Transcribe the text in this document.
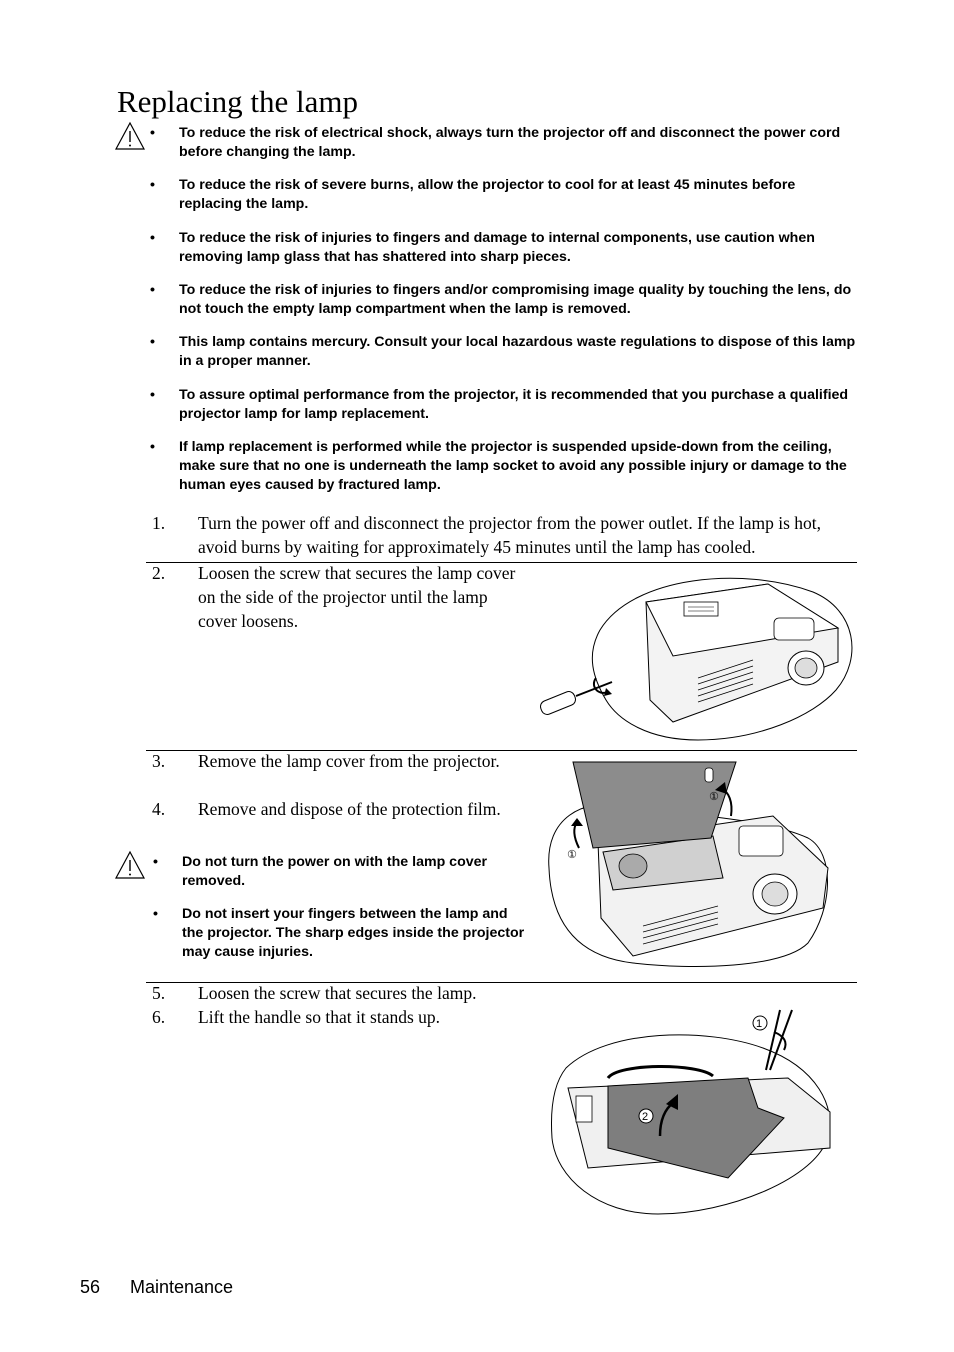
Replacing the lamp
• To reduce the risk of electrical shock, always turn the projector off and disconnect the power cord before changing the lamp.
• To reduce the risk of severe burns, allow the projector to cool for at least 45 minutes before replacing the lamp.
• To reduce the risk of injuries to fingers and damage to internal components, use caution when removing lamp glass that has shattered into sharp pieces.
• To reduce the risk of injuries to fingers and/or compromising image quality by touching the lens, do not touch the empty lamp compartment when the lamp is removed.
• This lamp contains mercury. Consult your local hazardous waste regulations to dispose of this lamp in a proper manner.
• To assure optimal performance from the projector, it is recommended that you purchase a qualified projector lamp for lamp replacement.
• If lamp replacement is performed while the projector is suspended upside-down from the ceiling, make sure that no one is underneath the lamp socket to avoid any possible injury or damage to the human eyes caused by fractured lamp.
1. Turn the power off and disconnect the projector from the power outlet. If the lamp is hot, avoid burns by waiting for approximately 45 minutes until the lamp has cooled.
2. Loosen the screw that secures the lamp cover on the side of the projector until the lamp cover loosens.
3. Remove the lamp cover from the projector.
4. Remove and dispose of the protection film.
• Do not turn the power on with the lamp cover removed.
• Do not insert your fingers between the lamp and the projector. The sharp edges inside the projector may cause injuries.
①
①
5. Loosen the screw that secures the lamp.
6. Lift the handle so that it stands up.	1
2
56 Maintenance
